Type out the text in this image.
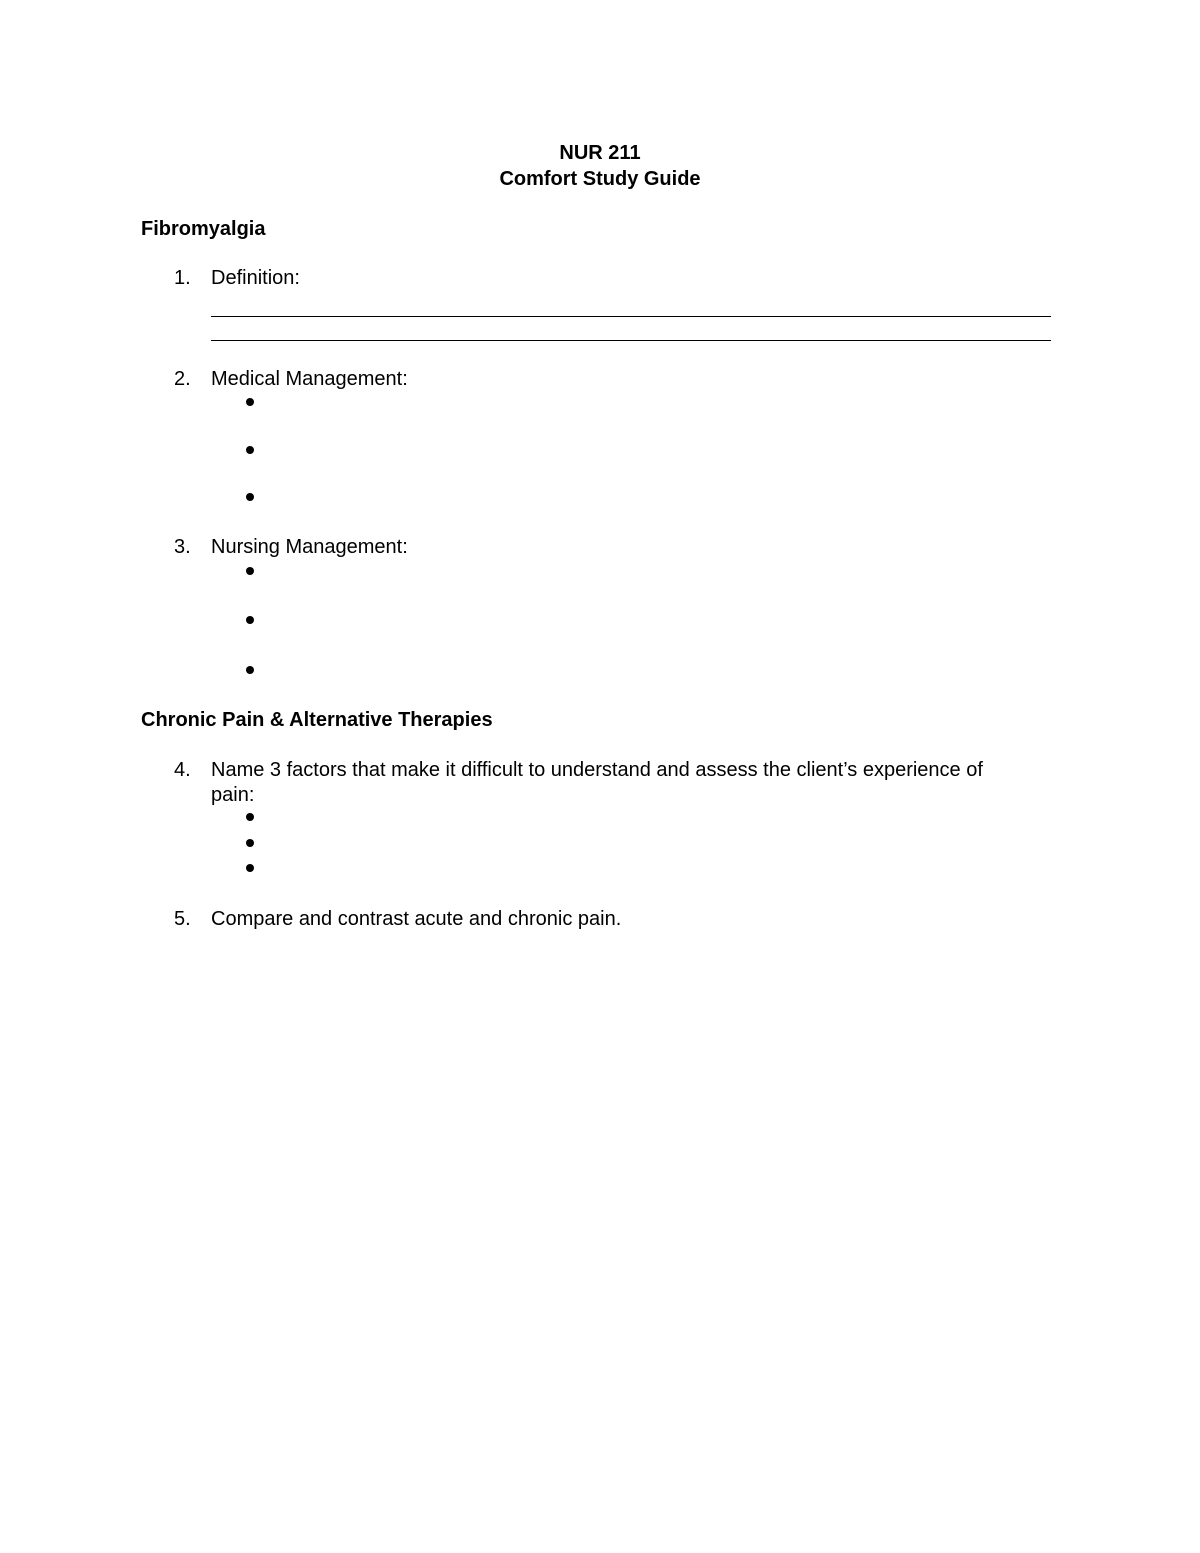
NUR 211
Comfort Study Guide
Fibromyalgia
1.	Definition:
2.	Medical Management:
3.	Nursing Management:
Chronic Pain & Alternative Therapies
4.	Name 3 factors that make it difficult to understand and assess the client’s experience of
pain:
5.	Compare and contrast acute and chronic pain.
